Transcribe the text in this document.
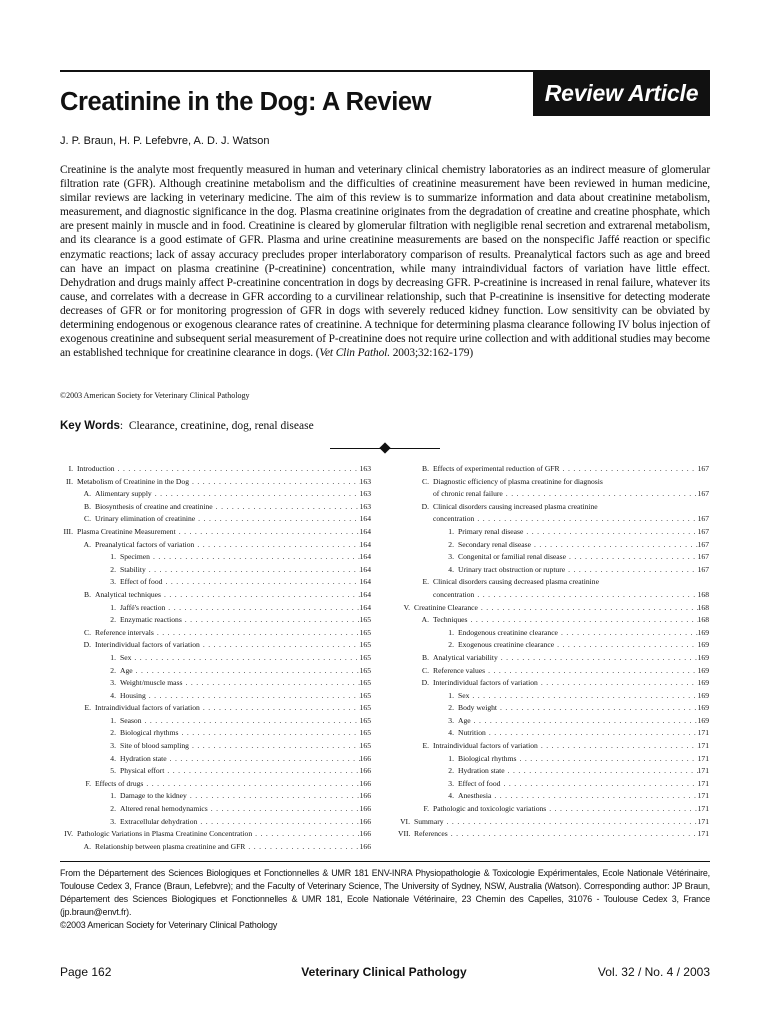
Review Article
Creatinine in the Dog: A Review
J. P. Braun, H. P. Lefebvre, A. D. J. Watson
Creatinine is the analyte most frequently measured in human and veterinary clinical chemistry laboratories as an indirect measure of glomerular filtration rate (GFR). Although creatinine metabolism and the difficulties of creatinine measurement have been reviewed in human medicine, similar reviews are lacking in veterinary medicine. The aim of this review is to summarize information and data about creatinine metabolism, measurement, and diagnostic significance in the dog. Plasma creatinine originates from the degradation of creatine and creatine phosphate, which are present mainly in muscle and in food. Creatinine is cleared by glomerular filtration with negligible renal secretion and extrarenal metabolism, and its clearance is a good estimate of GFR. Plasma and urine creatinine measurements are based on the nonspecific Jaffé reaction or specific enzymatic reactions; lack of assay accuracy precludes proper interlaboratory comparison of results. Preanalytical factors such as age and breed can have an impact on plasma creatinine (P-creatinine) concentration, while many intraindividual factors of variation have little effect. Dehydration and drugs mainly affect P-creatinine concentration in dogs by decreasing GFR. P-creatinine is increased in renal failure, whatever its cause, and correlates with a decrease in GFR according to a curvilinear relationship, such that P-creatinine is insensitive for detecting moderate decreases of GFR or for monitoring progression of GFR in dogs with severely reduced kidney function. Low sensitivity can be obviated by determining endogenous or exogenous clearance rates of creatinine. A technique for determining plasma clearance following IV bolus injection of exogenous creatinine and subsequent serial measurement of P-creatinine does not require urine collection and with additional studies may become an established technique for creatinine clearance in dogs. (Vet Clin Pathol. 2003;32:162-179)
©2003 American Society for Veterinary Clinical Pathology
Key Words:  Clearance, creatinine, dog, renal disease
I. Introduction . . .	163
II. Metabolism of Creatinine in the Dog . . .	163
A. Alimentary supply . . .	163
B. Biosynthesis of creatine and creatinine . . .	163
C. Urinary elimination of creatinine . . .	164
III. Plasma Creatinine Measurement . . .	164
A. Preanalytical factors of variation . . .	164
1. Specimen . . .	164
2. Stability . . .	164
3. Effect of food . . .	164
B. Analytical techniques . . .	164
1. Jaffé's reaction . . .	164
2. Enzymatic reactions . . .	165
C. Reference intervals . . .	165
D. Interindividual factors of variation . . .	165
1. Sex . . .	165
2. Age . . .	165
3. Weight/muscle mass . . .	165
4. Housing . . .	165
E. Intraindividual factors of variation . . .	165
1. Season . . .	165
2. Biological rhythms . . .	165
3. Site of blood sampling . . .	165
4. Hydration state . . .	166
5. Physical effort . . .	166
F. Effects of drugs . . .	166
1. Damage to the kidney . . .	166
2. Altered renal hemodynamics . . .	166
3. Extracellular dehydration . . .	166
IV. Pathologic Variations in Plasma Creatinine Concentration . . .	166
A. Relationship between plasma creatinine and GFR . . .	166
B. Effects of experimental reduction of GFR . . .	167
C. Diagnostic efficiency of plasma creatinine for diagnosis
of chronic renal failure . . .	167
D. Clinical disorders causing increased plasma creatinine
concentration . . .	167
1. Primary renal disease . . .	167
2. Secondary renal disease . . .	167
3. Congenital or familial renal disease . . .	167
4. Urinary tract obstruction or rupture . . .	167
E. Clinical disorders causing decreased plasma creatinine
concentration . . .	168
V. Creatinine Clearance . . .	168
A. Techniques . . .	168
1. Endogenous creatinine clearance . . .	169
2. Exogenous creatinine clearance . . .	169
B. Analytical variability . . .	169
C. Reference values . . .	169
D. Interindividual factors of variation . . .	169
1. Sex . . .	169
2. Body weight . . .	169
3. Age . . .	169
4. Nutrition . . .	171
E. Intraindividual factors of variation . . .	171
1. Biological rhythms . . .	171
2. Hydration state . . .	171
3. Effect of food . . .	171
4. Anesthesia . . .	171
F. Pathologic and toxicologic variations . . .	171
VI. Summary . . .	171
VII. References . . .	171
From the Département des Sciences Biologiques et Fonctionnelles & UMR 181 ENV-INRA Physiopathologie & Toxicologie Expérimentales, Ecole Nationale Vétérinaire, Toulouse Cedex 3, France (Braun, Lefebvre); and the Faculty of Veterinary Science, The University of Sydney, NSW, Australia (Watson). Corresponding author: JP Braun, Département des Sciences Biologiques et Fonctionnelles & UMR 181, Ecole Nationale Vétérinaire, 23 Chemin des Capelles, 31076 - Toulouse Cedex 3, France (jp.braun@envt.fr).
©2003 American Society for Veterinary Clinical Pathology
Page 162	Veterinary Clinical Pathology	Vol. 32 / No. 4 / 2003
